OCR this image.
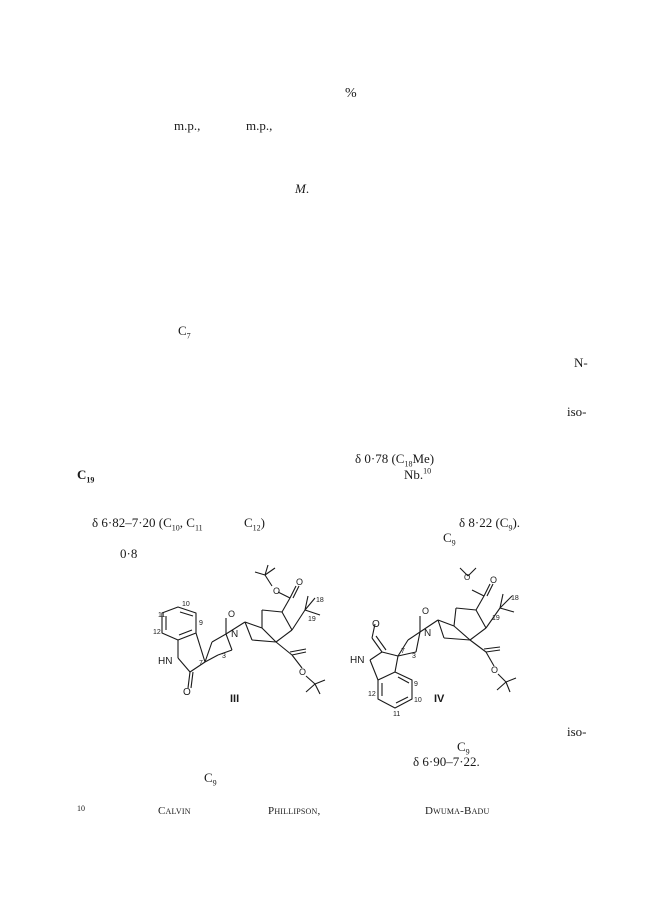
%
m.p.,	m.p.,
M.
$C_7$
N-
iso-
δ 0·78 $(C_{18}Me)$
$C_{19}$	Nb.$^{10}$
δ 6·82–7·20 ($C_{10}$, $C_{11}$	$C_{12}$)	δ 8·22 $(C_9)$.
$C_9$
0·8
N
O
HN
O
O
O
O
10
9
11
12
7
3
18
19
III
O
N
O
O
HN
O
O
9
10
11
12
7
3
18
19
IV
iso-
$C_9$
δ 6·90–7·22.
$C_9$
10	Calvin	Phillipson,	Dwuma-Badu
